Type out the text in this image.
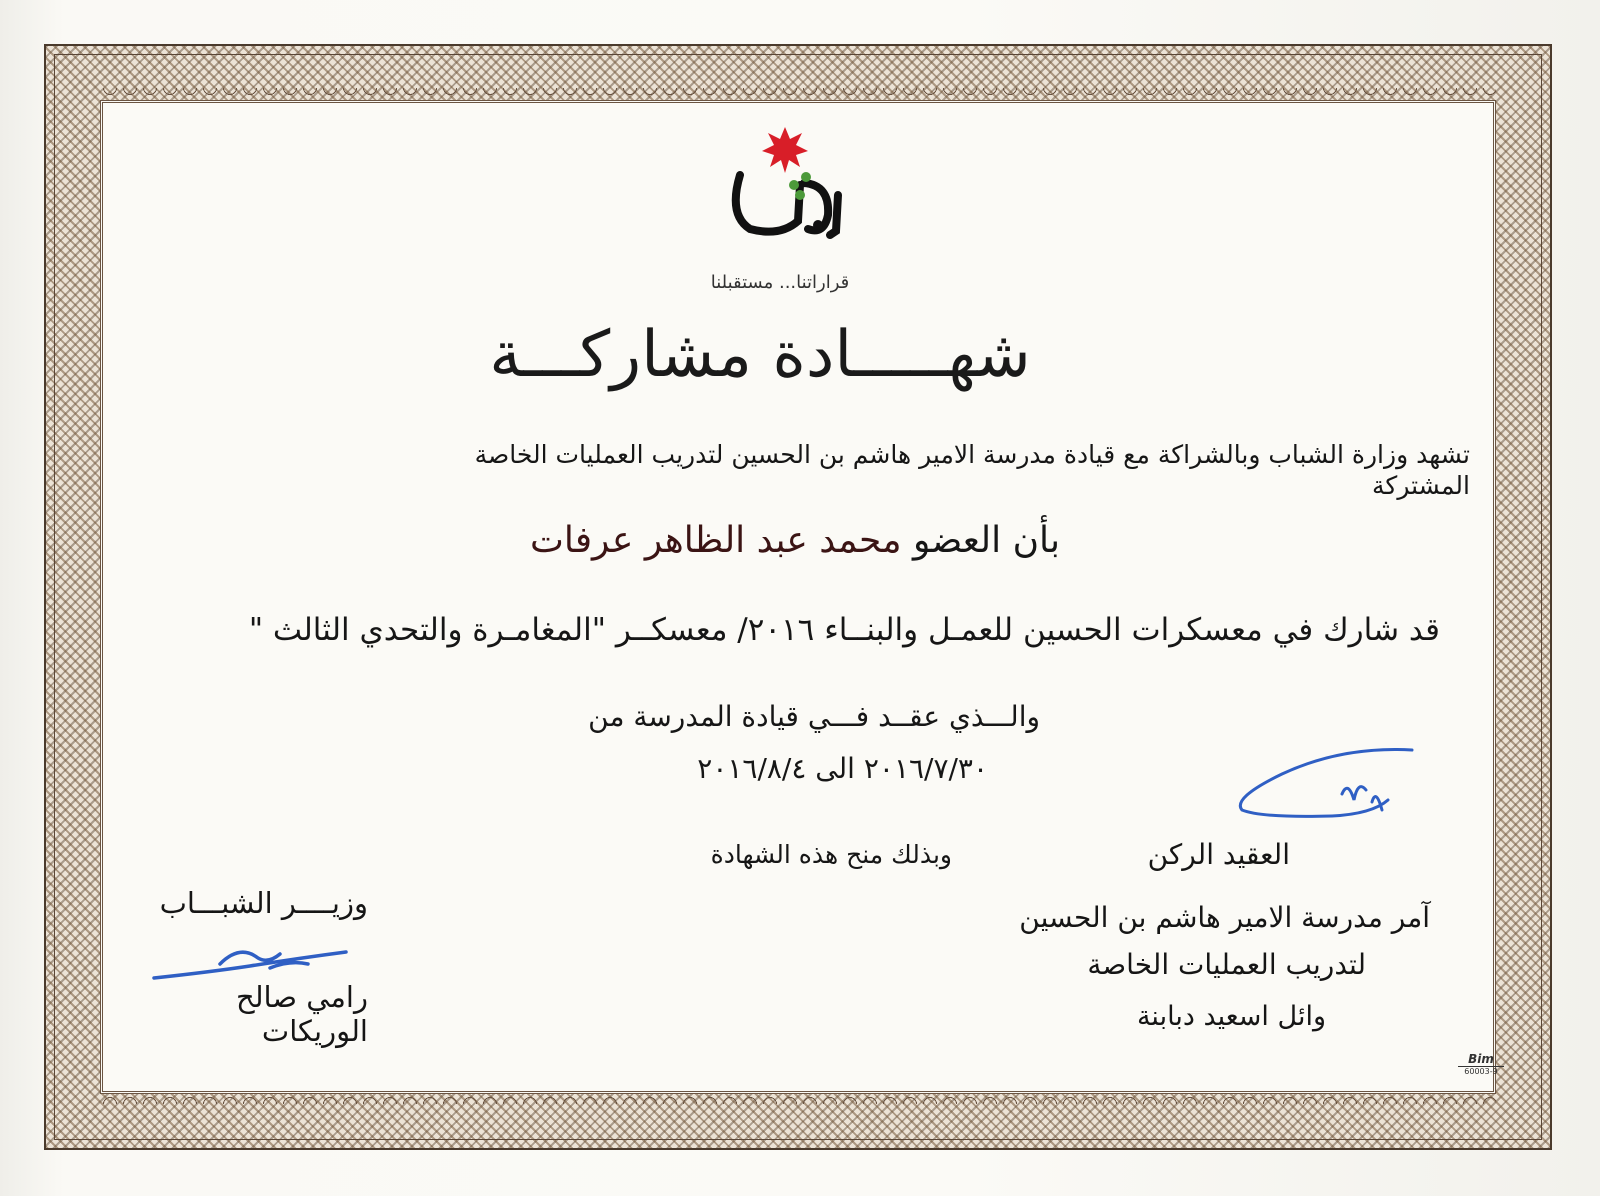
قراراتنا... مستقبلنا
شهـــــادة مشاركـــة
تشهد وزارة الشباب وبالشراكة مع قيادة مدرسة الامير هاشم بن الحسين لتدريب العمليات الخاصة
المشتركة
بأن العضو محمد عبد الظاهر عرفات
قد شارك في معسكرات الحسين للعمـل والبنــاء ٢٠١٦/ معسكــر "المغامـرة والتحدي الثالث "
والـــذي عقــد فـــي قيادة المدرسة من
٢٠١٦/٧/٣٠ الى ٢٠١٦/٨/٤
وبذلك منح هذه الشهادة	العقيد الركن
آمر مدرسة الامير هاشم بن الحسين
لتدريب العمليات الخاصة
وائل اسعيد دبابنة
وزيــــر الشبـــاب
رامي صالح الوريكات
Bim
60003-9
